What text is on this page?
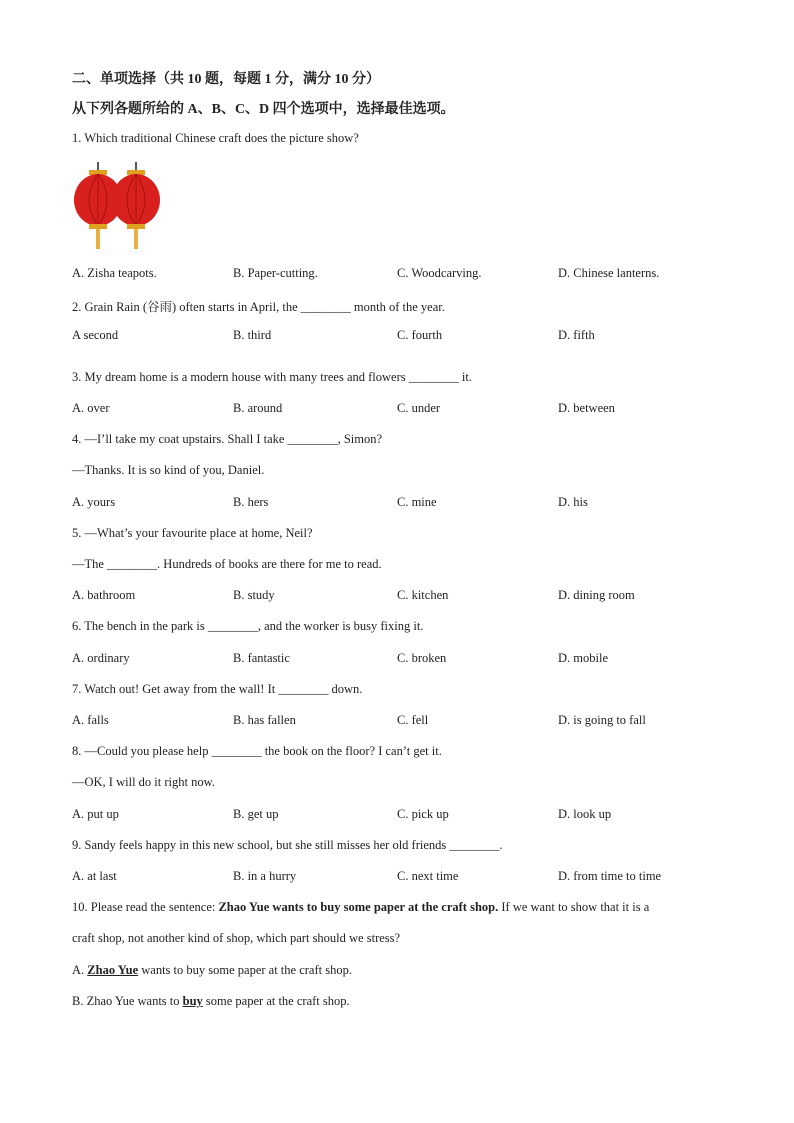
二、单项选择（共 10 题，每题 1 分，满分 10 分）
从下列各题所给的 A、B、C、D 四个选项中，选择最佳选项。
1. Which traditional Chinese craft does the picture show?
A. Zisha teapots.	B. Paper-cutting.	C. Woodcarving.	D. Chinese lanterns.
2. Grain Rain (谷雨) often starts in April, the ________ month of the year.
A second	B. third	C. fourth	D. fifth
3. My dream home is a modern house with many trees and flowers ________ it.
A. over	B. around	C. under	D. between
4. —I’ll take my coat upstairs. Shall I take ________, Simon?
—Thanks. It is so kind of you, Daniel.
A. yours	B. hers	C. mine	D. his
5. —What’s your favourite place at home, Neil?
—The ________. Hundreds of books are there for me to read.
A. bathroom	B. study	C. kitchen	D. dining room
6. The bench in the park is ________, and the worker is busy fixing it.
A. ordinary	B. fantastic	C. broken	D. mobile
7. Watch out! Get away from the wall! It ________ down.
A. falls	B. has fallen	C. fell	D. is going to fall
8. —Could you please help ________ the book on the floor? I can’t get it.
—OK, I will do it right now.
A. put up	B. get up	C. pick up	D. look up
9. Sandy feels happy in this new school, but she still misses her old friends ________.
A. at last	B. in a hurry	C. next time	D. from time to time
10. Please read the sentence: Zhao Yue wants to buy some paper at the craft shop. If we want to show that it is a
craft shop, not another kind of shop, which part should we stress?
A. Zhao Yue wants to buy some paper at the craft shop.
B. Zhao Yue wants to buy some paper at the craft shop.
